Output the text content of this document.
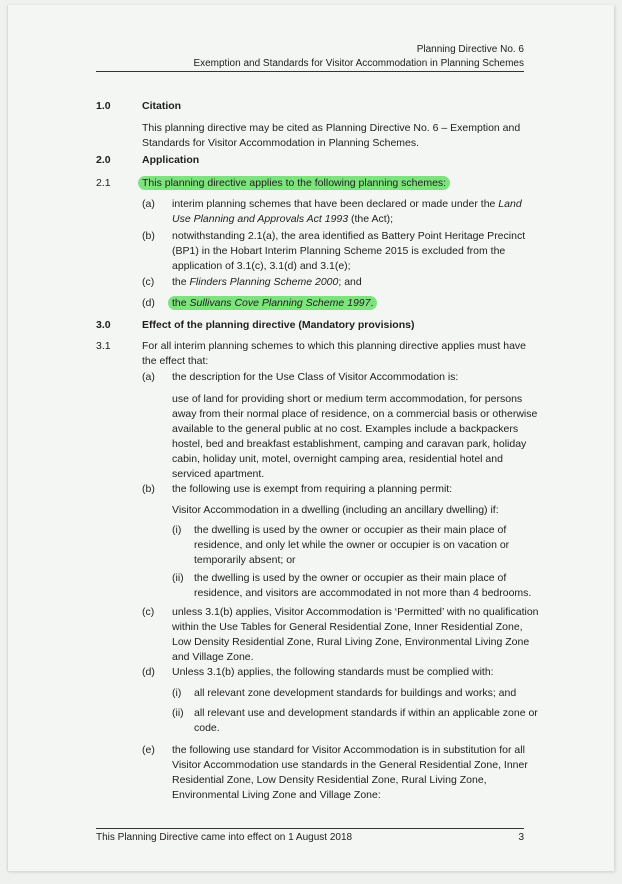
Planning Directive No. 6
Exemption and Standards for Visitor Accommodation in Planning Schemes
1.0	Citation
This planning directive may be cited as Planning Directive No. 6 – Exemption and Standards for Visitor Accommodation in Planning Schemes.
2.0	Application
2.1	This planning directive applies to the following planning schemes:
(a) interim planning schemes that have been declared or made under the Land Use Planning and Approvals Act 1993 (the Act);
(b) notwithstanding 2.1(a), the area identified as Battery Point Heritage Precinct (BP1) in the Hobart Interim Planning Scheme 2015 is excluded from the application of 3.1(c), 3.1(d) and 3.1(e);
(c) the Flinders Planning Scheme 2000; and
(d) the Sullivans Cove Planning Scheme 1997.
3.0	Effect of the planning directive (Mandatory provisions)
3.1	For all interim planning schemes to which this planning directive applies must have the effect that:
(a) the description for the Use Class of Visitor Accommodation is:
use of land for providing short or medium term accommodation, for persons away from their normal place of residence, on a commercial basis or otherwise available to the general public at no cost. Examples include a backpackers hostel, bed and breakfast establishment, camping and caravan park, holiday cabin, holiday unit, motel, overnight camping area, residential hotel and serviced apartment.
(b) the following use is exempt from requiring a planning permit:
Visitor Accommodation in a dwelling (including an ancillary dwelling) if:
(i) the dwelling is used by the owner or occupier as their main place of residence, and only let while the owner or occupier is on vacation or temporarily absent; or
(ii) the dwelling is used by the owner or occupier as their main place of residence, and visitors are accommodated in not more than 4 bedrooms.
(c) unless 3.1(b) applies, Visitor Accommodation is ‘Permitted’ with no qualification within the Use Tables for General Residential Zone, Inner Residential Zone, Low Density Residential Zone, Rural Living Zone, Environmental Living Zone and Village Zone.
(d) Unless 3.1(b) applies, the following standards must be complied with:
(i) all relevant zone development standards for buildings and works; and
(ii) all relevant use and development standards if within an applicable zone or code.
(e) the following use standard for Visitor Accommodation is in substitution for all Visitor Accommodation use standards in the General Residential Zone, Inner Residential Zone, Low Density Residential Zone, Rural Living Zone, Environmental Living Zone and Village Zone:
This Planning Directive came into effect on 1 August 2018	3
